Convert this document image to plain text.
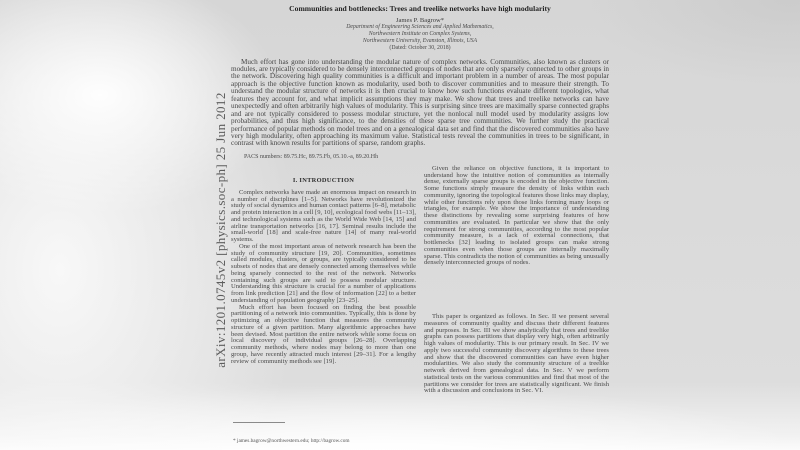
arXiv:1201.0745v2 [physics.soc-ph] 25 Jun 2012
Communities and bottlenecks: Trees and treelike networks have high modularity
James P. Bagrow*
Department of Engineering Sciences and Applied Mathematics,
Northwestern Institute on Complex Systems,
Northwestern University, Evanston, Illinois, USA
(Dated: October 30, 2018)

Much effort has gone into understanding the modular nature of complex networks. Communities, also known as clusters or modules, are typically considered to be densely interconnected groups of nodes that are only sparsely connected to other groups in the network. Discovering high quality communities is a difficult and important problem in a number of areas. The most popular approach is the objective function known as modularity, used both to discover communities and to measure their strength. To understand the modular structure of networks it is then crucial to know how such functions evaluate different topologies, what features they account for, and what implicit assumptions they may make. We show that trees and treelike networks can have unexpectedly and often arbitrarily high values of modularity. This is surprising since trees are maximally sparse connected graphs and are not typically considered to possess modular structure, yet the nonlocal null model used by modularity assigns low probabilities, and thus high significance, to the densities of these sparse tree communities. We further study the practical performance of popular methods on model trees and on a genealogical data set and find that the discovered communities also have very high modularity, often approaching its maximum value. Statistical tests reveal the communities in trees to be significant, in contrast with known results for partitions of sparse, random graphs.

PACS numbers: 89.75.Hc, 89.75.Fb, 05.10.-a, 89.20.Hh
I. INTRODUCTION

Complex networks have made an enormous impact on research in a number of disciplines [1–5]. Networks have revolutionized the study of social dynamics and human contact patterns [6–8], metabolic and protein interaction in a cell [9, 10], ecological food webs [11–13], and technological systems such as the World Wide Web [14, 15] and airline transportation networks [16, 17]. Seminal results include the small-world [18] and scale-free nature [14] of many real-world systems.

One of the most important areas of network research has been the study of community structure [19, 20]. Communities, sometimes called modules, clusters, or groups, are typically considered to be subsets of nodes that are densely connected among themselves while being sparsely connected to the rest of the network. Networks containing such groups are said to possess modular structure. Understanding this structure is crucial for a number of applications from link prediction [21] and the flow of information [22] to a better understanding of population geography [23–25].

Much effort has been focused on finding the best possible partitioning of a network into communities. Typically, this is done by optimizing an objective function that measures the community structure of a given partition. Many algorithmic approaches have been devised. Most partition the entire network while some focus on local discovery of individual groups [26–28]. Overlapping community methods, where nodes may belong to more than one group, have recently attracted much interest [29–31]. For a lengthy review of community methods see [19].

Given the reliance on objective functions, it is important to understand how the intuitive notion of communities as internally dense, externally sparse groups is encoded in the objective function. Some functions simply measure the density of links within each community, ignoring the topological features those links may display, while other functions rely upon those links forming many loops or triangles, for example. We show the importance of understanding these distinctions by revealing some surprising features of how communities are evaluated. In particular we show that the only requirement for strong communities, according to the most popular community measure, is a lack of external connections, that bottlenecks [32] leading to isolated groups can make strong communities even when those groups are internally maximally sparse. This contradicts the notion of communities as being unusually densely interconnected groups of nodes.

This paper is organized as follows. In Sec. II we present several measures of community quality and discuss their different features and purposes. In Sec. III we show analytically that trees and treelike graphs can possess partitions that display very high, often arbitrarily high values of modularity. This is our primary result. In Sec. IV we apply two successful community discovery algorithms to these trees and show that the discovered communities can have even higher modularities. We also study the community structure of a treelike network derived from genealogical data. In Sec. V we perform statistical tests on the various communities and find that most of the partitions we consider for trees are statistically significant. We finish with a discussion and conclusions in Sec. VI.

* james.bagrow@northwestern.edu; http://bagrow.com
